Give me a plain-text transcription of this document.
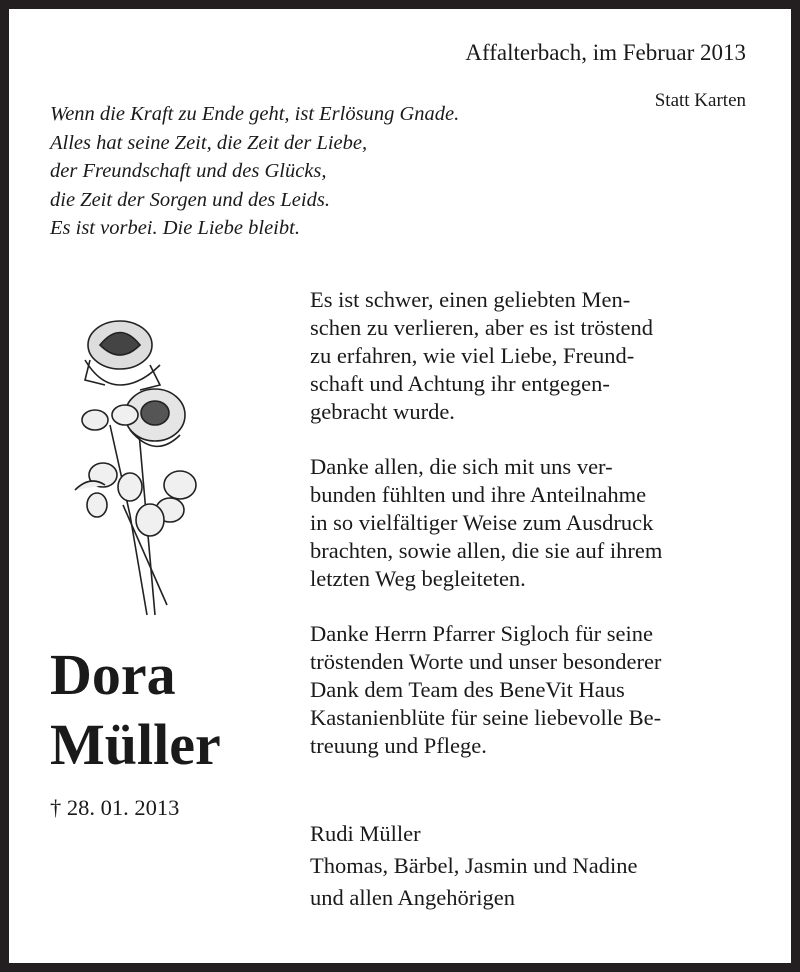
Affalterbach, im Februar 2013
Statt Karten
Wenn die Kraft zu Ende geht, ist Erlösung Gnade.
Alles hat seine Zeit, die Zeit der Liebe,
der Freundschaft und des Glücks,
die Zeit der Sorgen und des Leids.
Es ist vorbei. Die Liebe bleibt.
Dora
Müller
† 28. 01. 2013

Es ist schwer, einen geliebten Men-
schen zu verlieren, aber es ist tröstend
zu erfahren, wie viel Liebe, Freund-
schaft und Achtung ihr entgegen-
gebracht wurde.

Danke allen, die sich mit uns ver-
bunden fühlten und ihre Anteilnahme
in so vielfältiger Weise zum Ausdruck
brachten, sowie allen, die sie auf ihrem
letzten Weg begleiteten.

Danke Herrn Pfarrer Sigloch für seine
tröstenden Worte und unser besonderer
Dank dem Team des BeneVit Haus
Kastanienblüte für seine liebevolle Be-
treuung und Pflege.

Rudi Müller
Thomas, Bärbel, Jasmin und Nadine
und allen Angehörigen
